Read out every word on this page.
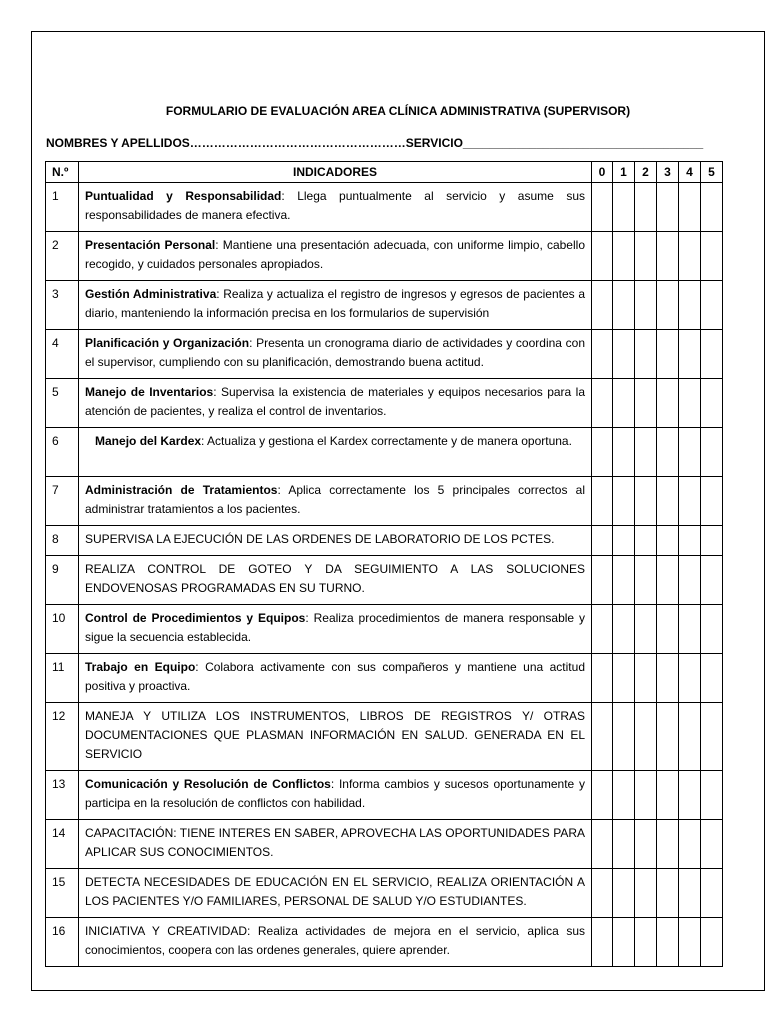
FORMULARIO DE EVALUACIÓN AREA CLÍNICA ADMINISTRATIVA (SUPERVISOR)
NOMBRES Y APELLIDOS………………………………………………SERVICIO____________________________________
N.º	INDICADORES	0	1	2	3	4	5
1	Puntualidad y Responsabilidad: Llega puntualmente al servicio y asume sus responsabilidades de manera efectiva.						
2	Presentación Personal: Mantiene una presentación adecuada, con uniforme limpio, cabello recogido, y cuidados personales apropiados.						
3	Gestión Administrativa: Realiza y actualiza el registro de ingresos y egresos de pacientes a diario, manteniendo la información precisa en los formularios de supervisión						
4	Planificación y Organización: Presenta un cronograma diario de actividades y coordina con el supervisor, cumpliendo con su planificación, demostrando buena actitud.						
5	Manejo de Inventarios: Supervisa la existencia de materiales y equipos necesarios para la atención de pacientes, y realiza el control de inventarios.						
6	Manejo del Kardex: Actualiza y gestiona el Kardex correctamente y de manera oportuna.						
7	Administración de Tratamientos: Aplica correctamente los 5 principales correctos al administrar tratamientos a los pacientes.						
8	SUPERVISA LA EJECUCIÓN DE LAS ORDENES DE LABORATORIO DE LOS PCTES.						
9	REALIZA CONTROL DE GOTEO Y DA SEGUIMIENTO A LAS SOLUCIONES ENDOVENOSAS PROGRAMADAS EN SU TURNO.						
10	Control de Procedimientos y Equipos: Realiza procedimientos de manera responsable y sigue la secuencia establecida.						
11	Trabajo en Equipo: Colabora activamente con sus compañeros y mantiene una actitud positiva y proactiva.						
12	MANEJA Y UTILIZA LOS INSTRUMENTOS, LIBROS DE REGISTROS Y/ OTRAS DOCUMENTACIONES QUE PLASMAN INFORMACIÓN EN SALUD. GENERADA EN EL SERVICIO						
13	Comunicación y Resolución de Conflictos: Informa cambios y sucesos oportunamente y participa en la resolución de conflictos con habilidad.						
14	CAPACITACIÓN: TIENE INTERES EN SABER, APROVECHA LAS OPORTUNIDADES PARA APLICAR SUS CONOCIMIENTOS.						
15	DETECTA NECESIDADES DE EDUCACIÓN EN EL SERVICIO, REALIZA ORIENTACIÓN A LOS PACIENTES Y/O FAMILIARES, PERSONAL DE SALUD Y/O ESTUDIANTES.						
16	INICIATIVA Y CREATIVIDAD: Realiza actividades de mejora en el servicio, aplica sus conocimientos, coopera con las ordenes generales, quiere aprender.						
